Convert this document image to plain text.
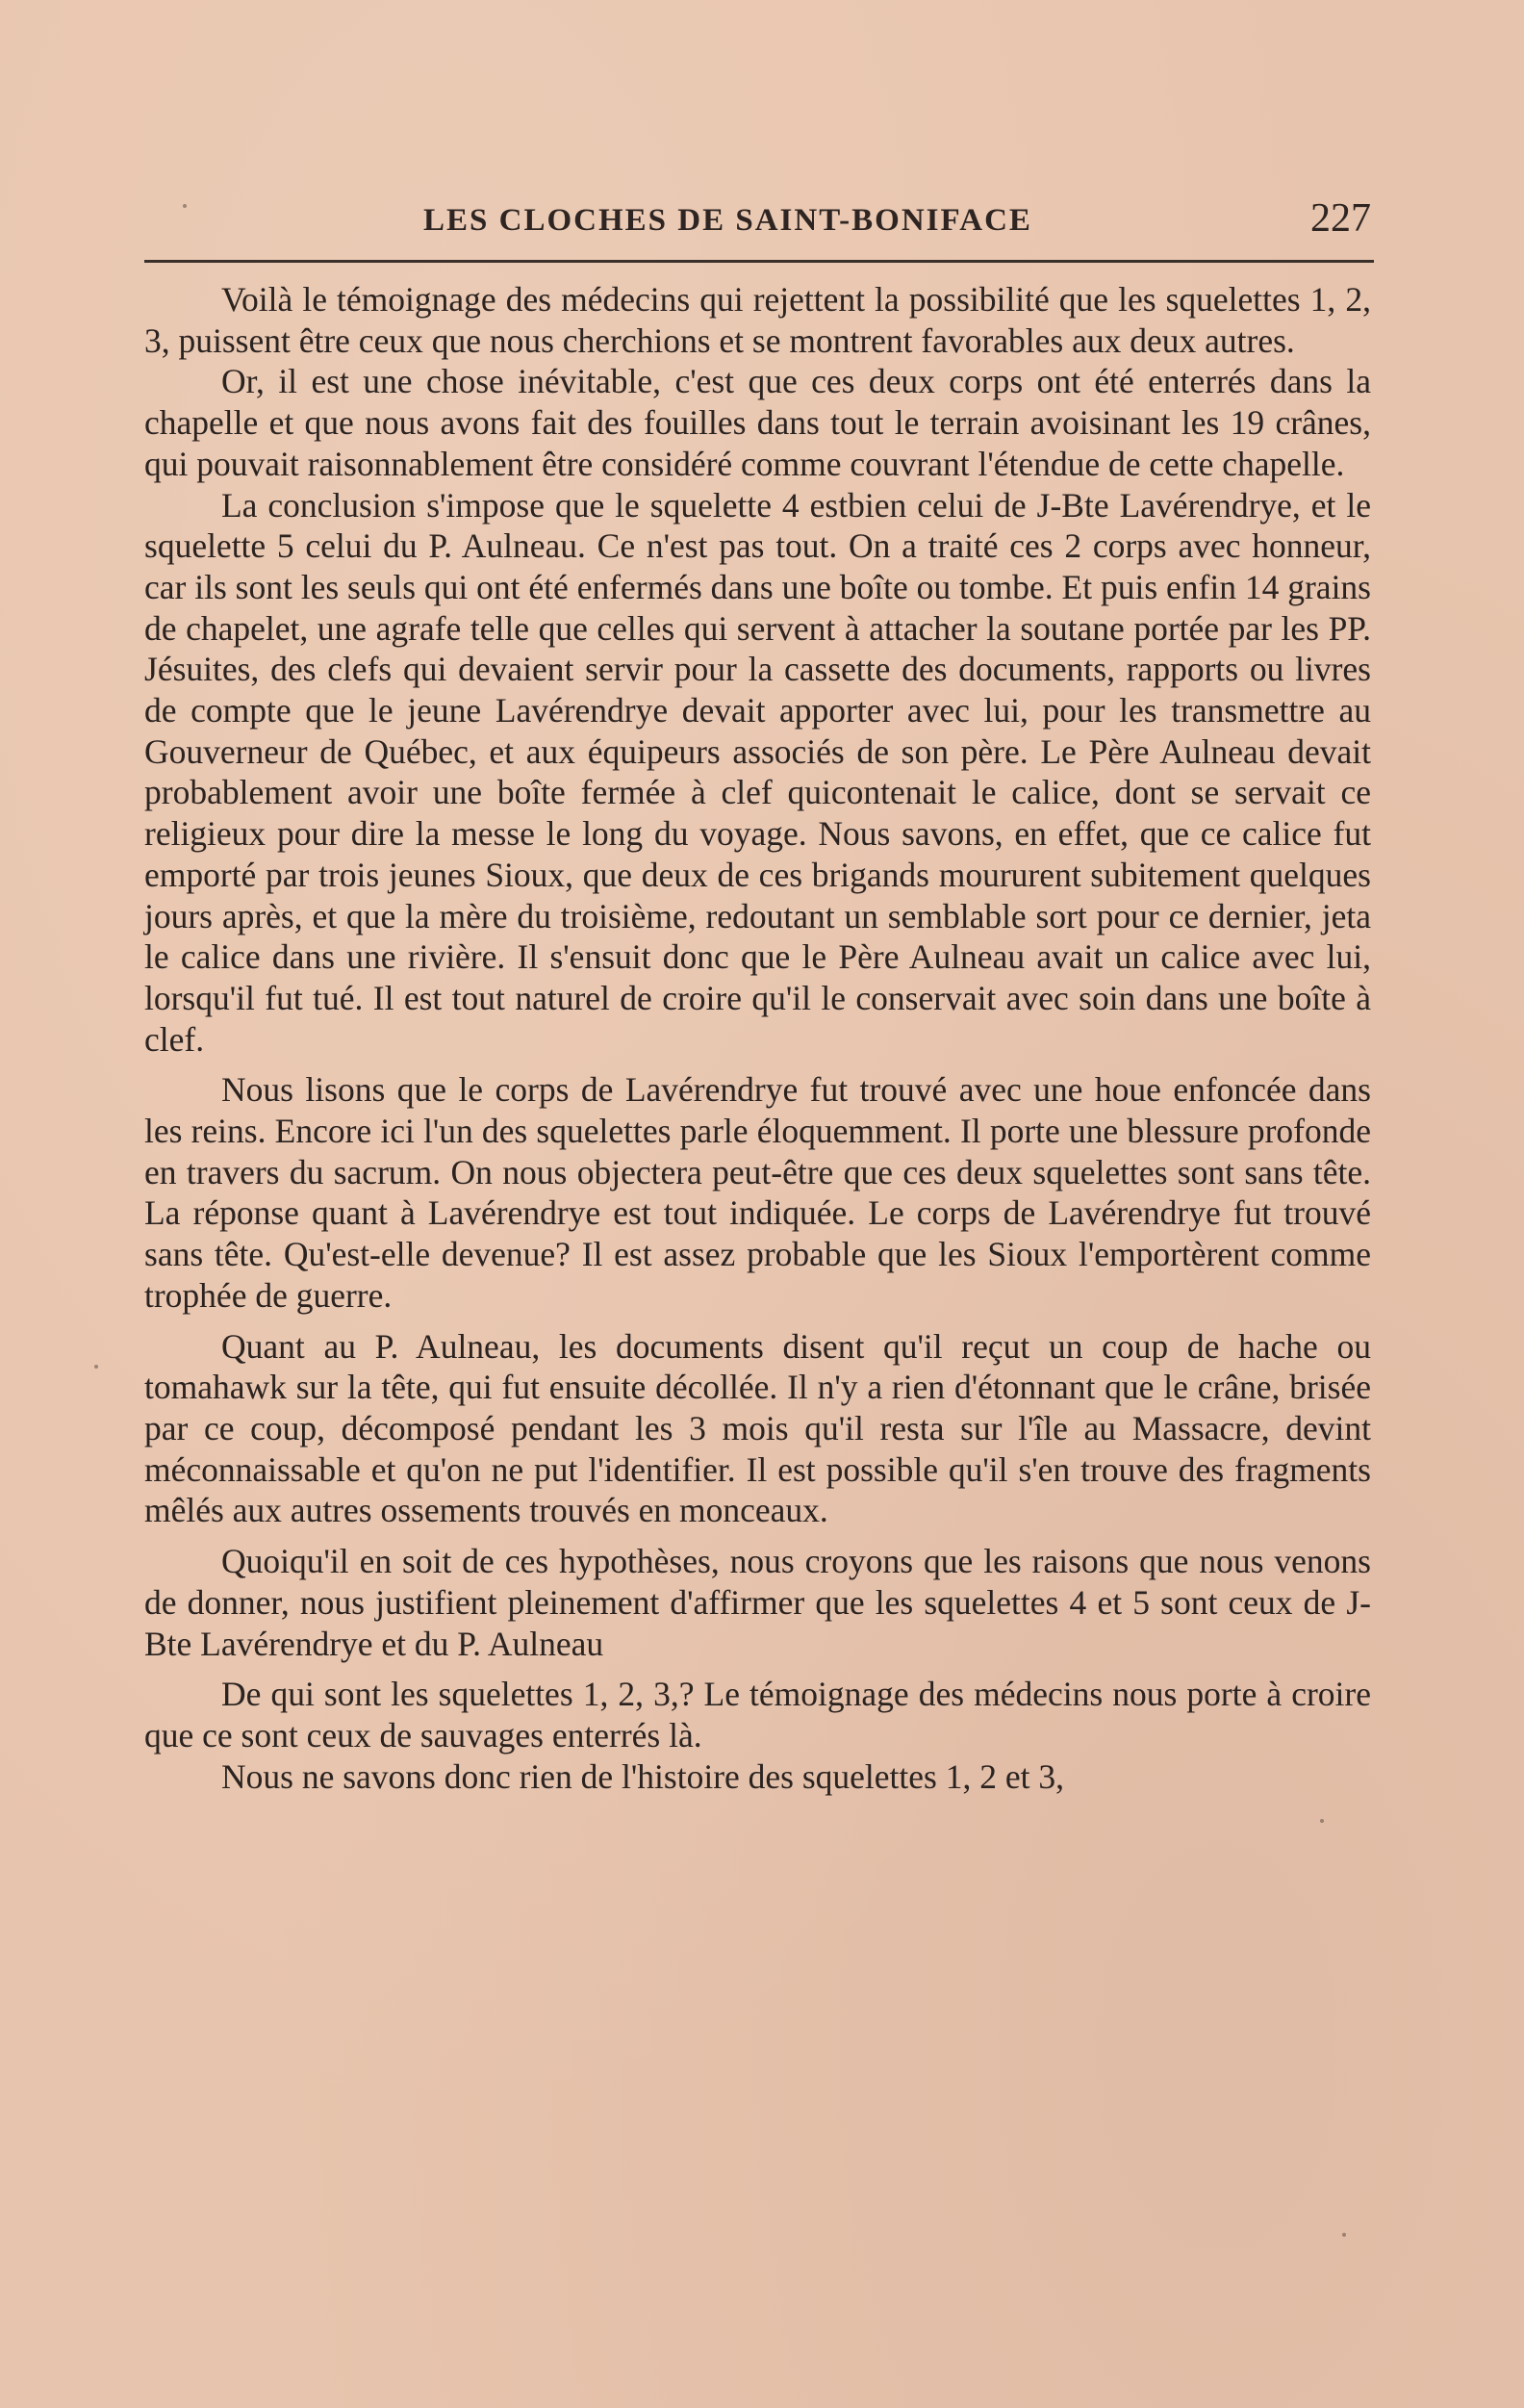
LES CLOCHES DE SAINT-BONIFACE	227

Voilà le témoignage des médecins qui rejettent la possibilité que les squelettes 1, 2, 3, puissent être ceux que nous cherchions et se montrent favorables aux deux autres.

Or, il est une chose inévitable, c'est que ces deux corps ont été enterrés dans la chapelle et que nous avons fait des fouilles dans tout le terrain avoisinant les 19 crânes, qui pouvait raisonnablement être considéré comme couvrant l'étendue de cette chapelle.

La conclusion s'impose que le squelette 4 estbien celui de J-Bte Lavérendrye, et le squelette 5 celui du P. Aulneau. Ce n'est pas tout. On a traité ces 2 corps avec honneur, car ils sont les seuls qui ont été enfermés dans une boîte ou tombe. Et puis enfin 14 grains de chapelet, une agrafe telle que celles qui servent à attacher la soutane portée par les PP. Jésuites, des clefs qui devaient servir pour la cassette des documents, rapports ou livres de compte que le jeune Lavérendrye devait apporter avec lui, pour les transmettre au Gouverneur de Québec, et aux équipeurs associés de son père. Le Père Aulneau devait probablement avoir une boîte fermée à clef quicontenait le calice, dont se servait ce religieux pour dire la messe le long du voyage. Nous savons, en effet, que ce calice fut emporté par trois jeunes Sioux, que deux de ces brigands moururent subitement quelques jours après, et que la mère du troisième, redoutant un semblable sort pour ce dernier, jeta le calice dans une rivière. Il s'ensuit donc que le Père Aulneau avait un calice avec lui, lorsqu'il fut tué. Il est tout naturel de croire qu'il le conservait avec soin dans une boîte à clef.

Nous lisons que le corps de Lavérendrye fut trouvé avec une houe enfoncée dans les reins. Encore ici l'un des squelettes parle éloquemment. Il porte une blessure profonde en travers du sacrum. On nous objectera peut-être que ces deux squelettes sont sans tête. La réponse quant à Lavérendrye est tout indiquée. Le corps de Lavérendrye fut trouvé sans tête. Qu'est-elle devenue? Il est assez probable que les Sioux l'emportèrent comme trophée de guerre.

Quant au P. Aulneau, les documents disent qu'il reçut un coup de hache ou tomahawk sur la tête, qui fut ensuite décollée. Il n'y a rien d'étonnant que le crâne, brisée par ce coup, décomposé pendant les 3 mois qu'il resta sur l'île au Massacre, devint méconnaissable et qu'on ne put l'identifier. Il est possible qu'il s'en trouve des fragments mêlés aux autres ossements trouvés en monceaux.

Quoiqu'il en soit de ces hypothèses, nous croyons que les raisons que nous venons de donner, nous justifient pleinement d'affirmer que les squelettes 4 et 5 sont ceux de J-Bte Lavérendrye et du P. Aulneau

De qui sont les squelettes 1, 2, 3,? Le témoignage des médecins nous porte à croire que ce sont ceux de sauvages enterrés là.

Nous ne savons donc rien de l'histoire des squelettes 1, 2 et 3,
